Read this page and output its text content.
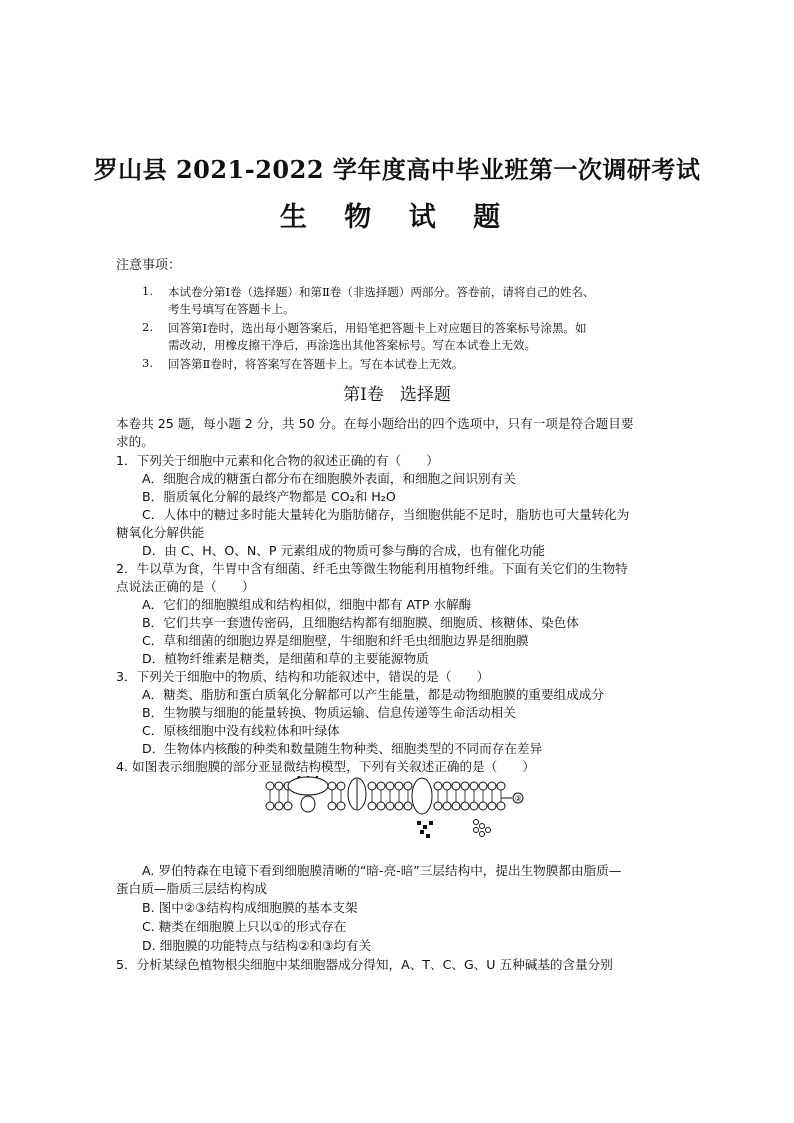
罗山县 2021-2022 学年度高中毕业班第一次调研考试
生 物 试 题
注意事项：
1. 本试卷分第Ⅰ卷（选择题）和第Ⅱ卷（非选择题）两部分。答卷前，请将自己的姓名、
考生号填写在答题卡上。
2. 回答第Ⅰ卷时，选出每小题答案后，用铅笔把答题卡上对应题目的答案标号涂黑。如
需改动，用橡皮擦干净后，再涂选出其他答案标号。写在本试卷上无效。
3. 回答第Ⅱ卷时，将答案写在答题卡上。写在本试卷上无效。
第Ⅰ卷 选择题
本卷共 25 题，每小题 2 分，共 50 分。在每小题给出的四个选项中，只有一项是符合题目要
求的。
1．下列关于细胞中元素和化合物的叙述正确的有（　　）
A．细胞合成的糖蛋白都分布在细胞膜外表面，和细胞之间识别有关
B．脂质氧化分解的最终产物都是 CO₂和 H₂O
C．人体中的糖过多时能大量转化为脂肪储存，当细胞供能不足时，脂肪也可大量转化为
糖氧化分解供能
D．由 C、H、O、N、P 元素组成的物质可参与酶的合成，也有催化功能
2．牛以草为食，牛胃中含有细菌、纤毛虫等微生物能利用植物纤维。下面有关它们的生物特
点说法正确的是（　　）
A．它们的细胞膜组成和结构相似，细胞中都有 ATP 水解酶
B．它们共享一套遗传密码，且细胞结构都有细胞膜、细胞质、核糖体、染色体
C．草和细菌的细胞边界是细胞壁，牛细胞和纤毛虫细胞边界是细胞膜
D．植物纤维素是糖类，是细菌和草的主要能源物质
3．下列关于细胞中的物质、结构和功能叙述中，错误的是（　　）
A．糖类、脂肪和蛋白质氧化分解都可以产生能量，都是动物细胞膜的重要组成成分
B．生物膜与细胞的能量转换、物质运输、信息传递等生命活动相关
C．原核细胞中没有线粒体和叶绿体
D．生物体内核酸的种类和数量随生物种类、细胞类型的不同而存在差异
4. 如图表示细胞膜的部分亚显微结构模型，下列有关叙述正确的是（　　）
③
A. 罗伯特森在电镜下看到细胞膜清晰的“暗-亮-暗”三层结构中，提出生物膜都由脂质—
蛋白质—脂质三层结构构成
B. 图中②③结构构成细胞膜的基本支架
C. 糖类在细胞膜上只以①的形式存在
D. 细胞膜的功能特点与结构②和③均有关
5．分析某绿色植物根尖细胞中某细胞器成分得知，A、T、C、G、U 五种碱基的含量分别
